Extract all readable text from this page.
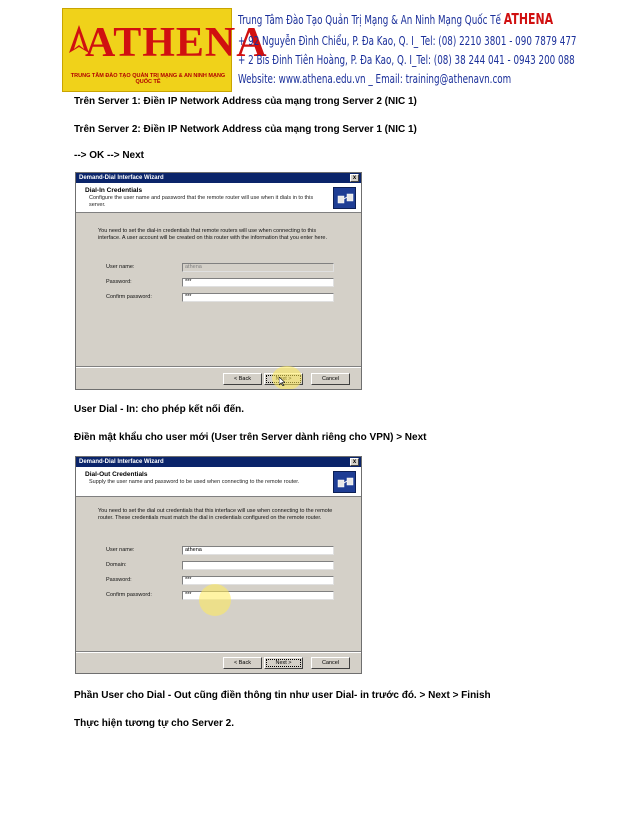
ATHENA
TRUNG TÂM ĐÀO TẠO QUẢN TRỊ MẠNG & AN NINH MẠNG QUỐC TẾ
Trung Tâm Đào Tạo Quản Trị Mạng & An Ninh Mạng Quốc Tế ATHENA
+ 92 Nguyễn Đình Chiểu, P. Đa Kao, Q. I_ Tel: (08) 2210 3801 - 090 7879 477
+ 2 Bis Đinh Tiên Hoàng, P. Đa Kao, Q. I_Tel: (08) 38 244 041 - 0943 200 088
Website: www.athena.edu.vn _ Email: training@athenavn.com
Trên Server 1: Điền IP Network Address của mạng trong Server 2 (NIC 1)
Trên Server 2: Điền IP Network Address của mạng trong Server 1 (NIC 1)
--> OK --> Next
Demand-Dial Interface Wizard	x
Dial-In Credentials
Configure the user name and password that the remote router will use when it dials in to this server.
You need to set the dial-in credentials that remote routers will use when connecting to this interface. A user account will be created on this router with the information that you enter here.
User name:	athena
Password:	***
Confirm password:	***
< Back	Cancel
User Dial - In: cho phép kết nối đến.
Điền mật khẩu cho user mới (User trên Server dành riêng cho VPN) > Next
Demand-Dial Interface Wizard	x
Dial-Out Credentials
Supply the user name and password to be used when connecting to the remote router.
You need to set the dial out credentials that this interface will use when connecting to the remote router. These credentials must match the dial in credentials configured on the remote router.
User name:	athena
Domain:
Password:	***
Confirm password:	***
< Back	Next >	Cancel
Phần User cho Dial - Out cũng điền thông tin như user Dial- in trước đó. > Next > Finish
Thực hiện tương tự cho Server 2.
